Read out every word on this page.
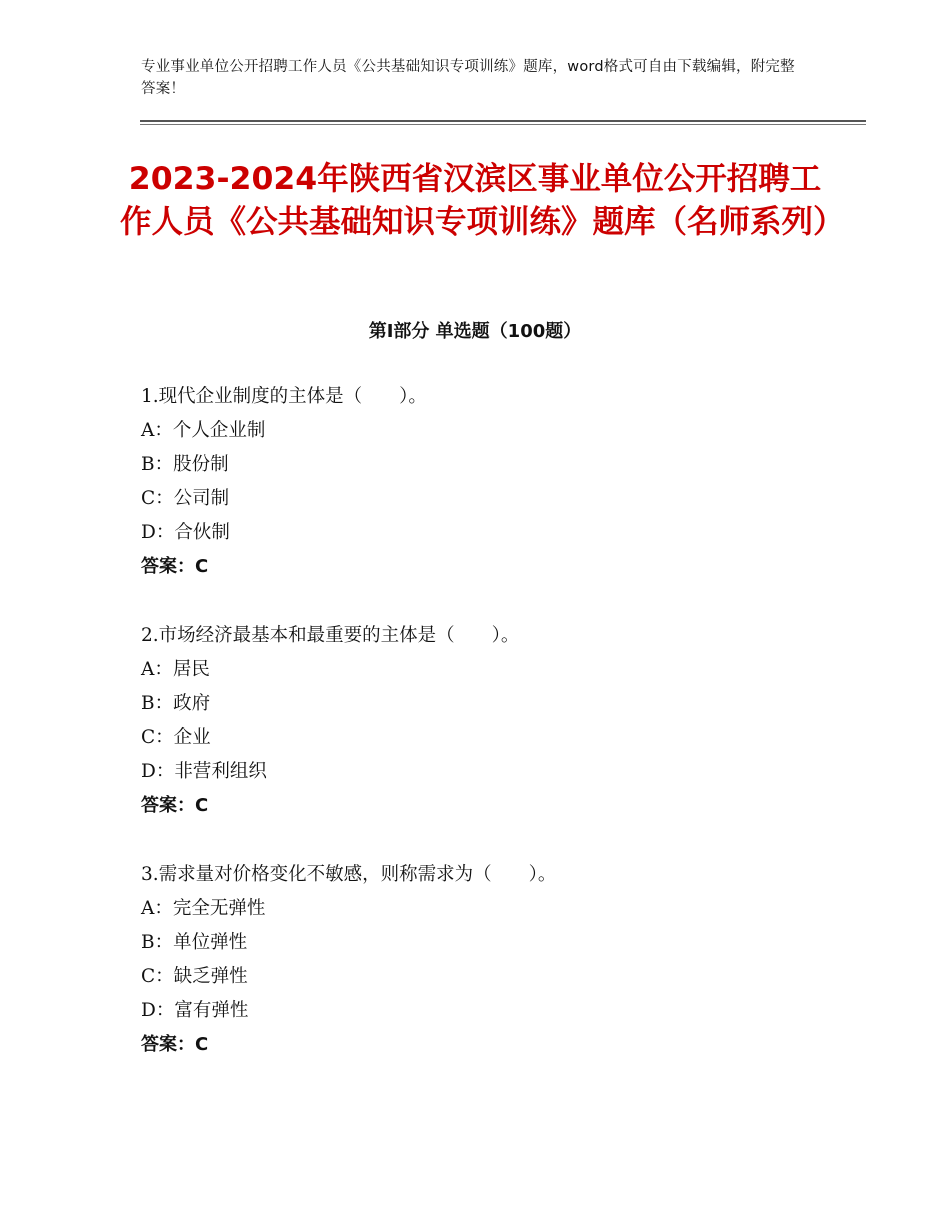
专业事业单位公开招聘工作人员《公共基础知识专项训练》题库，word格式可自由下载编辑，附完整答案！
2023-2024年陕西省汉滨区事业单位公开招聘工作人员《公共基础知识专项训练》题库（名师系列）
第Ⅰ部分 单选题（100题）
1.现代企业制度的主体是（　　）。
A：个人企业制
B：股份制
C：公司制
D：合伙制
答案：C
2.市场经济最基本和最重要的主体是（　　）。
A：居民
B：政府
C：企业
D：非营利组织
答案：C
3.需求量对价格变化不敏感，则称需求为（　　）。
A：完全无弹性
B：单位弹性
C：缺乏弹性
D：富有弹性
答案：C
